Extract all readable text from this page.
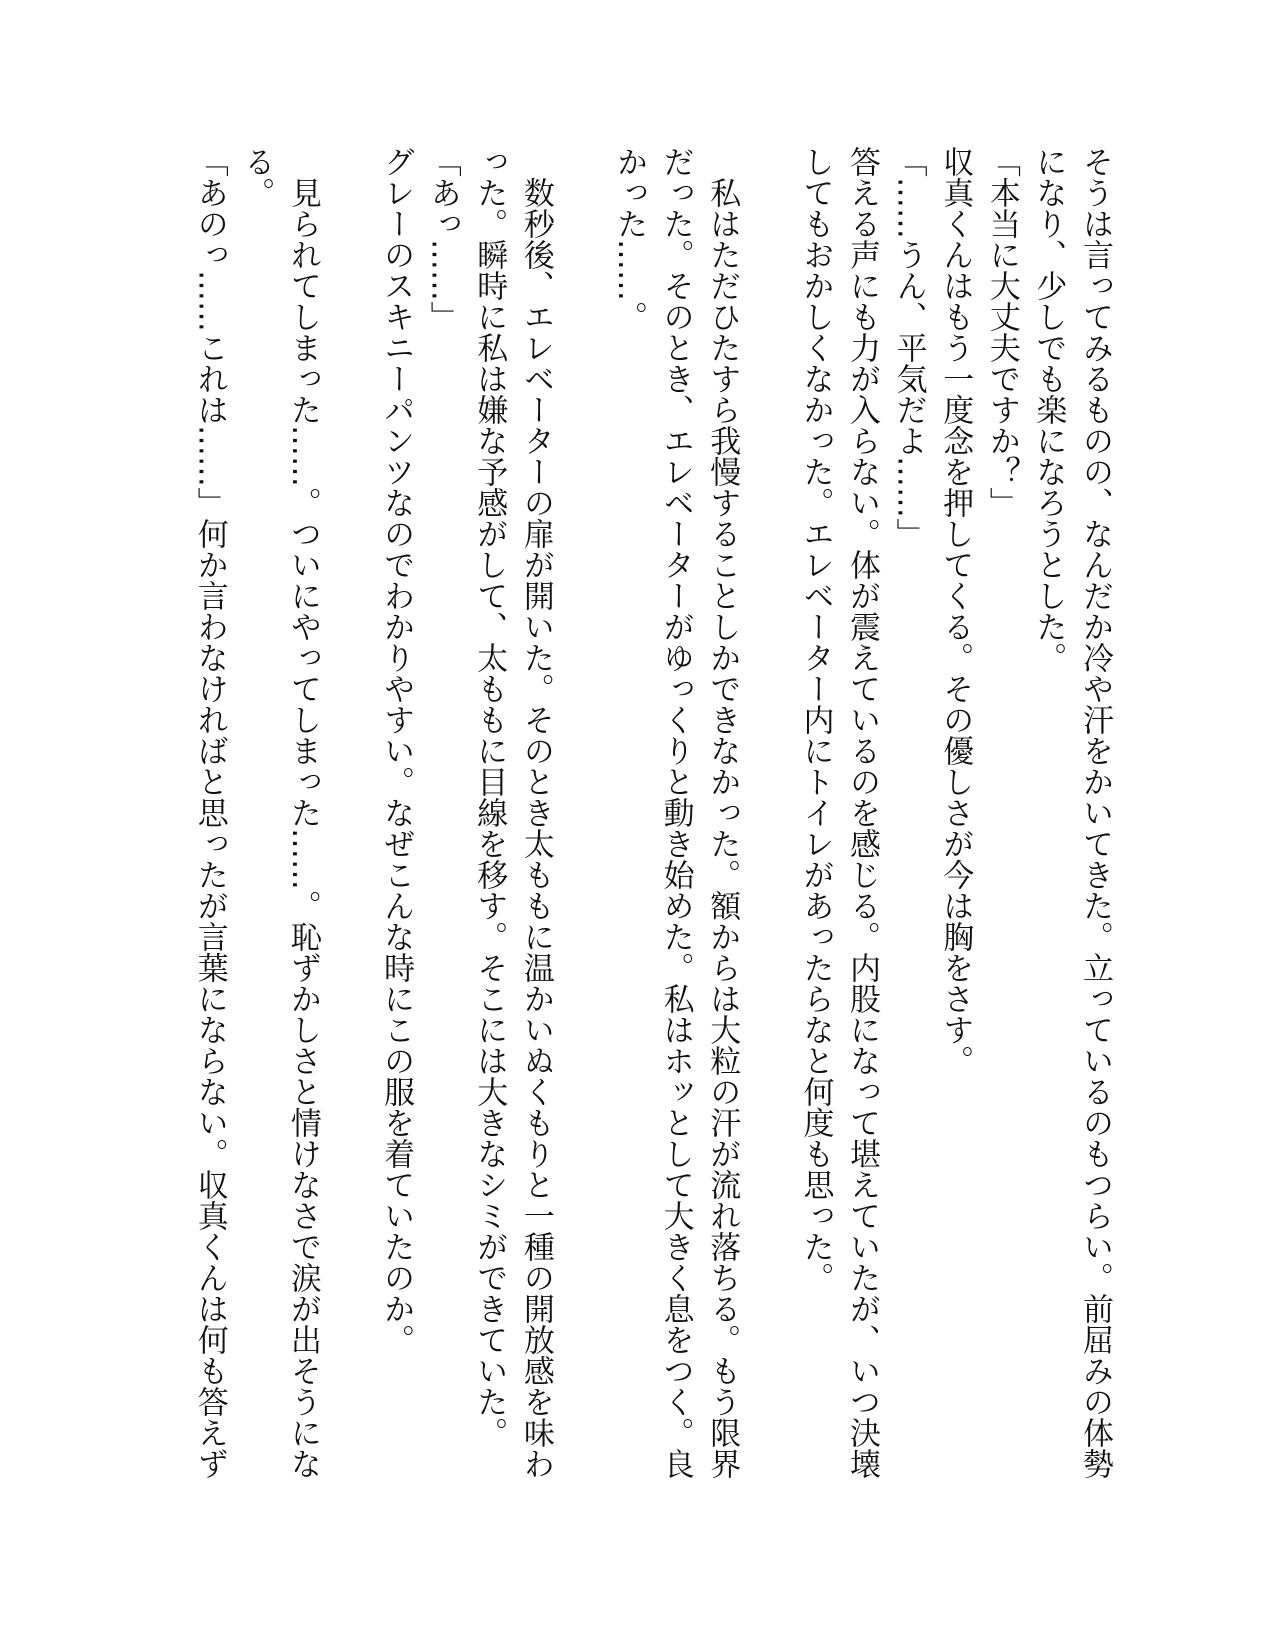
そうは言ってみるものの、なんだか冷や汗をかいてきた。立っているのもつらい。前屈みの体勢
になり、少しでも楽になろうとした。
「本当に大丈夫ですか？」
収真くんはもう一度念を押してくる。その優しさが今は胸をさす。
「……うん、平気だよ……」
答える声にも力が入らない。体が震えているのを感じる。内股になって堪えていたが、いつ決壊
してもおかしくなかった。エレベーター内にトイレがあったらなと何度も思った。
　私はただひたすら我慢することしかできなかった。額からは大粒の汗が流れ落ちる。もう限界
だった。そのとき、エレベーターがゆっくりと動き始めた。私はホッとして大きく息をつく。良
かった……。
　数秒後、エレベーターの扉が開いた。そのとき太ももに温かいぬくもりと一種の開放感を味わ
った。瞬時に私は嫌な予感がして、太ももに目線を移す。そこには大きなシミができていた。
「あっ……」
グレーのスキニーパンツなのでわかりやすい。なぜこんな時にこの服を着ていたのか。
　見られてしまった……。ついにやってしまった……。恥ずかしさと情けなさで涙が出そうにな
る。
「あのっ……これは……」何か言わなければと思ったが言葉にならない。収真くんは何も答えず
